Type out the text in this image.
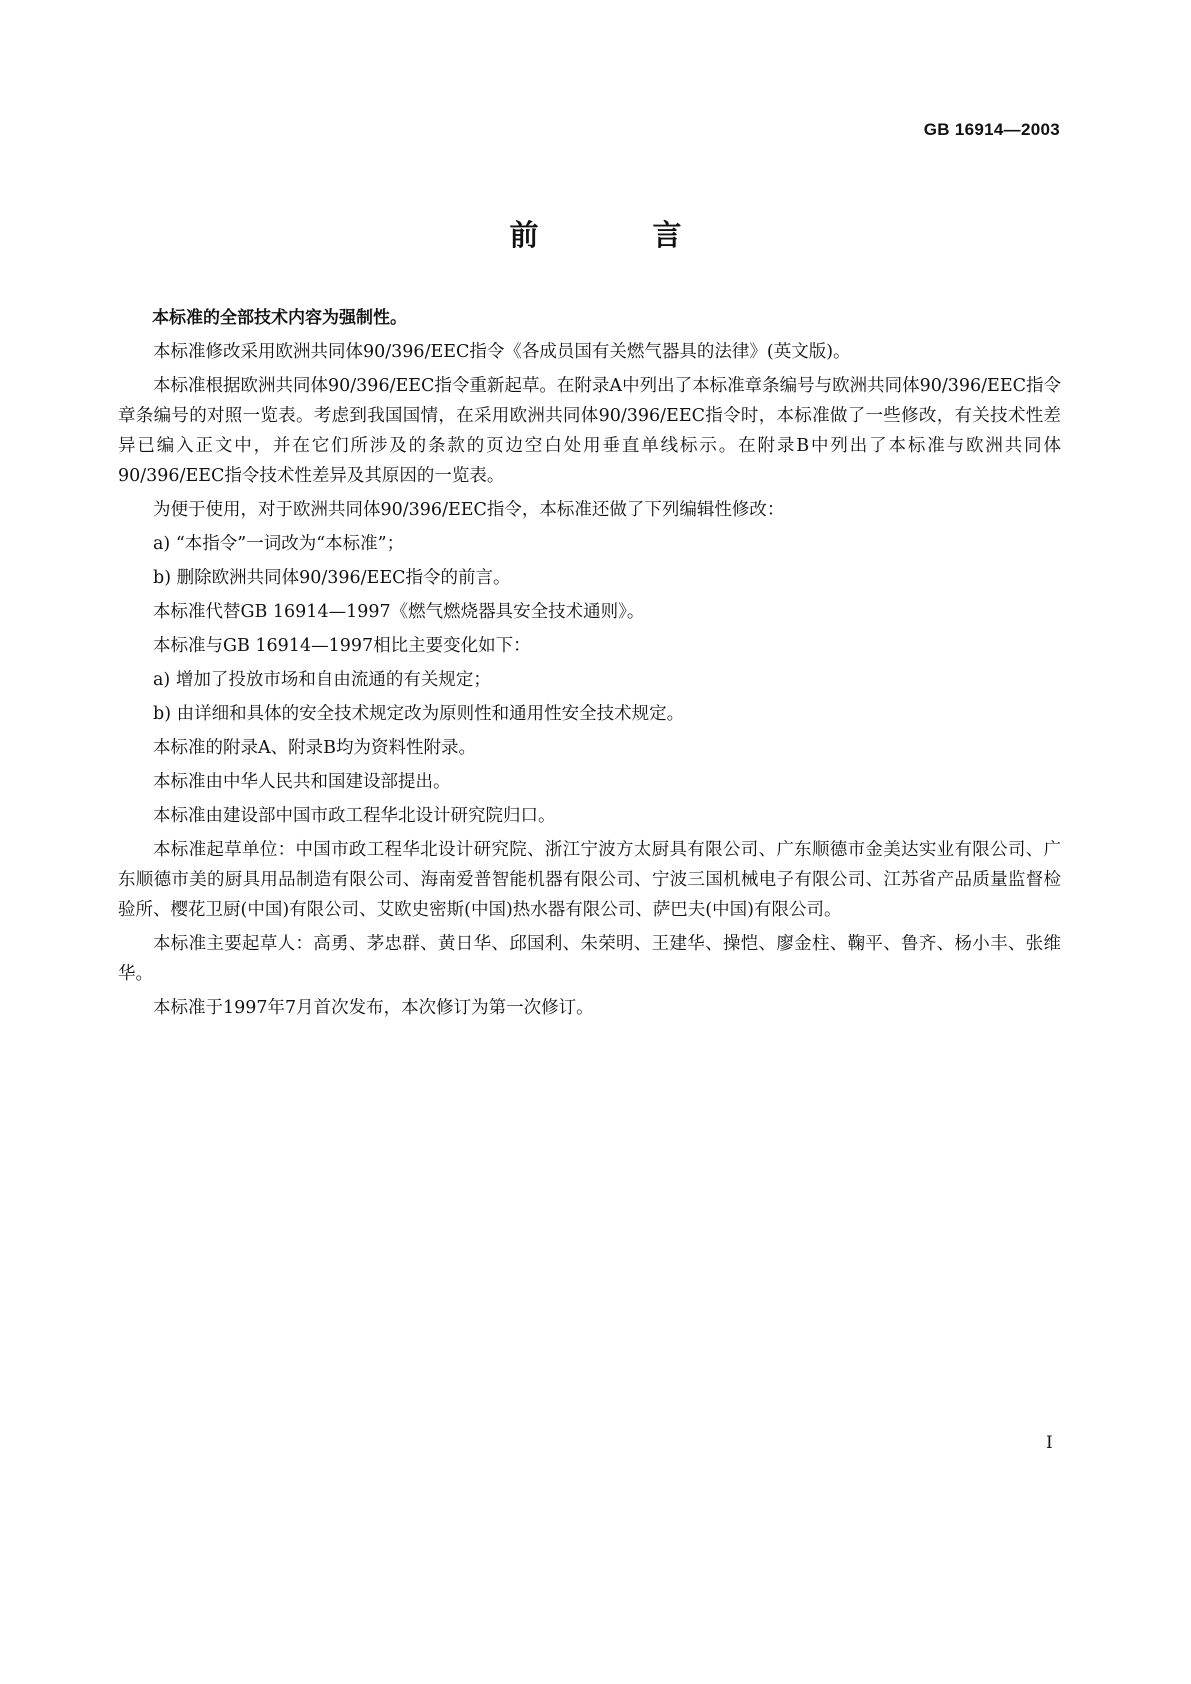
GB 16914—2003
前 言

本标准的全部技术内容为强制性。

本标准修改采用欧洲共同体90/396/EEC指令《各成员国有关燃气器具的法律》(英文版)。

本标准根据欧洲共同体90/396/EEC指令重新起草。在附录A中列出了本标准章条编号与欧洲共同体90/396/EEC指令章条编号的对照一览表。考虑到我国国情，在采用欧洲共同体90/396/EEC指令时，本标准做了一些修改，有关技术性差异已编入正文中，并在它们所涉及的条款的页边空白处用垂直单线标示。在附录B中列出了本标准与欧洲共同体90/396/EEC指令技术性差异及其原因的一览表。

为便于使用，对于欧洲共同体90/396/EEC指令，本标准还做了下列编辑性修改：

a) “本指令”一词改为“本标准”；

b) 删除欧洲共同体90/396/EEC指令的前言。

本标准代替GB 16914—1997《燃气燃烧器具安全技术通则》。

本标准与GB 16914—1997相比主要变化如下：

a) 增加了投放市场和自由流通的有关规定；

b) 由详细和具体的安全技术规定改为原则性和通用性安全技术规定。

本标准的附录A、附录B均为资料性附录。

本标准由中华人民共和国建设部提出。

本标准由建设部中国市政工程华北设计研究院归口。

本标准起草单位：中国市政工程华北设计研究院、浙江宁波方太厨具有限公司、广东顺德市金美达实业有限公司、广东顺德市美的厨具用品制造有限公司、海南爱普智能机器有限公司、宁波三国机械电子有限公司、江苏省产品质量监督检验所、樱花卫厨(中国)有限公司、艾欧史密斯(中国)热水器有限公司、萨巴夫(中国)有限公司。

本标准主要起草人：高勇、茅忠群、黄日华、邱国利、朱荣明、王建华、操恺、廖金柱、鞠平、鲁齐、杨小丰、张维华。

本标准于1997年7月首次发布，本次修订为第一次修订。

I
